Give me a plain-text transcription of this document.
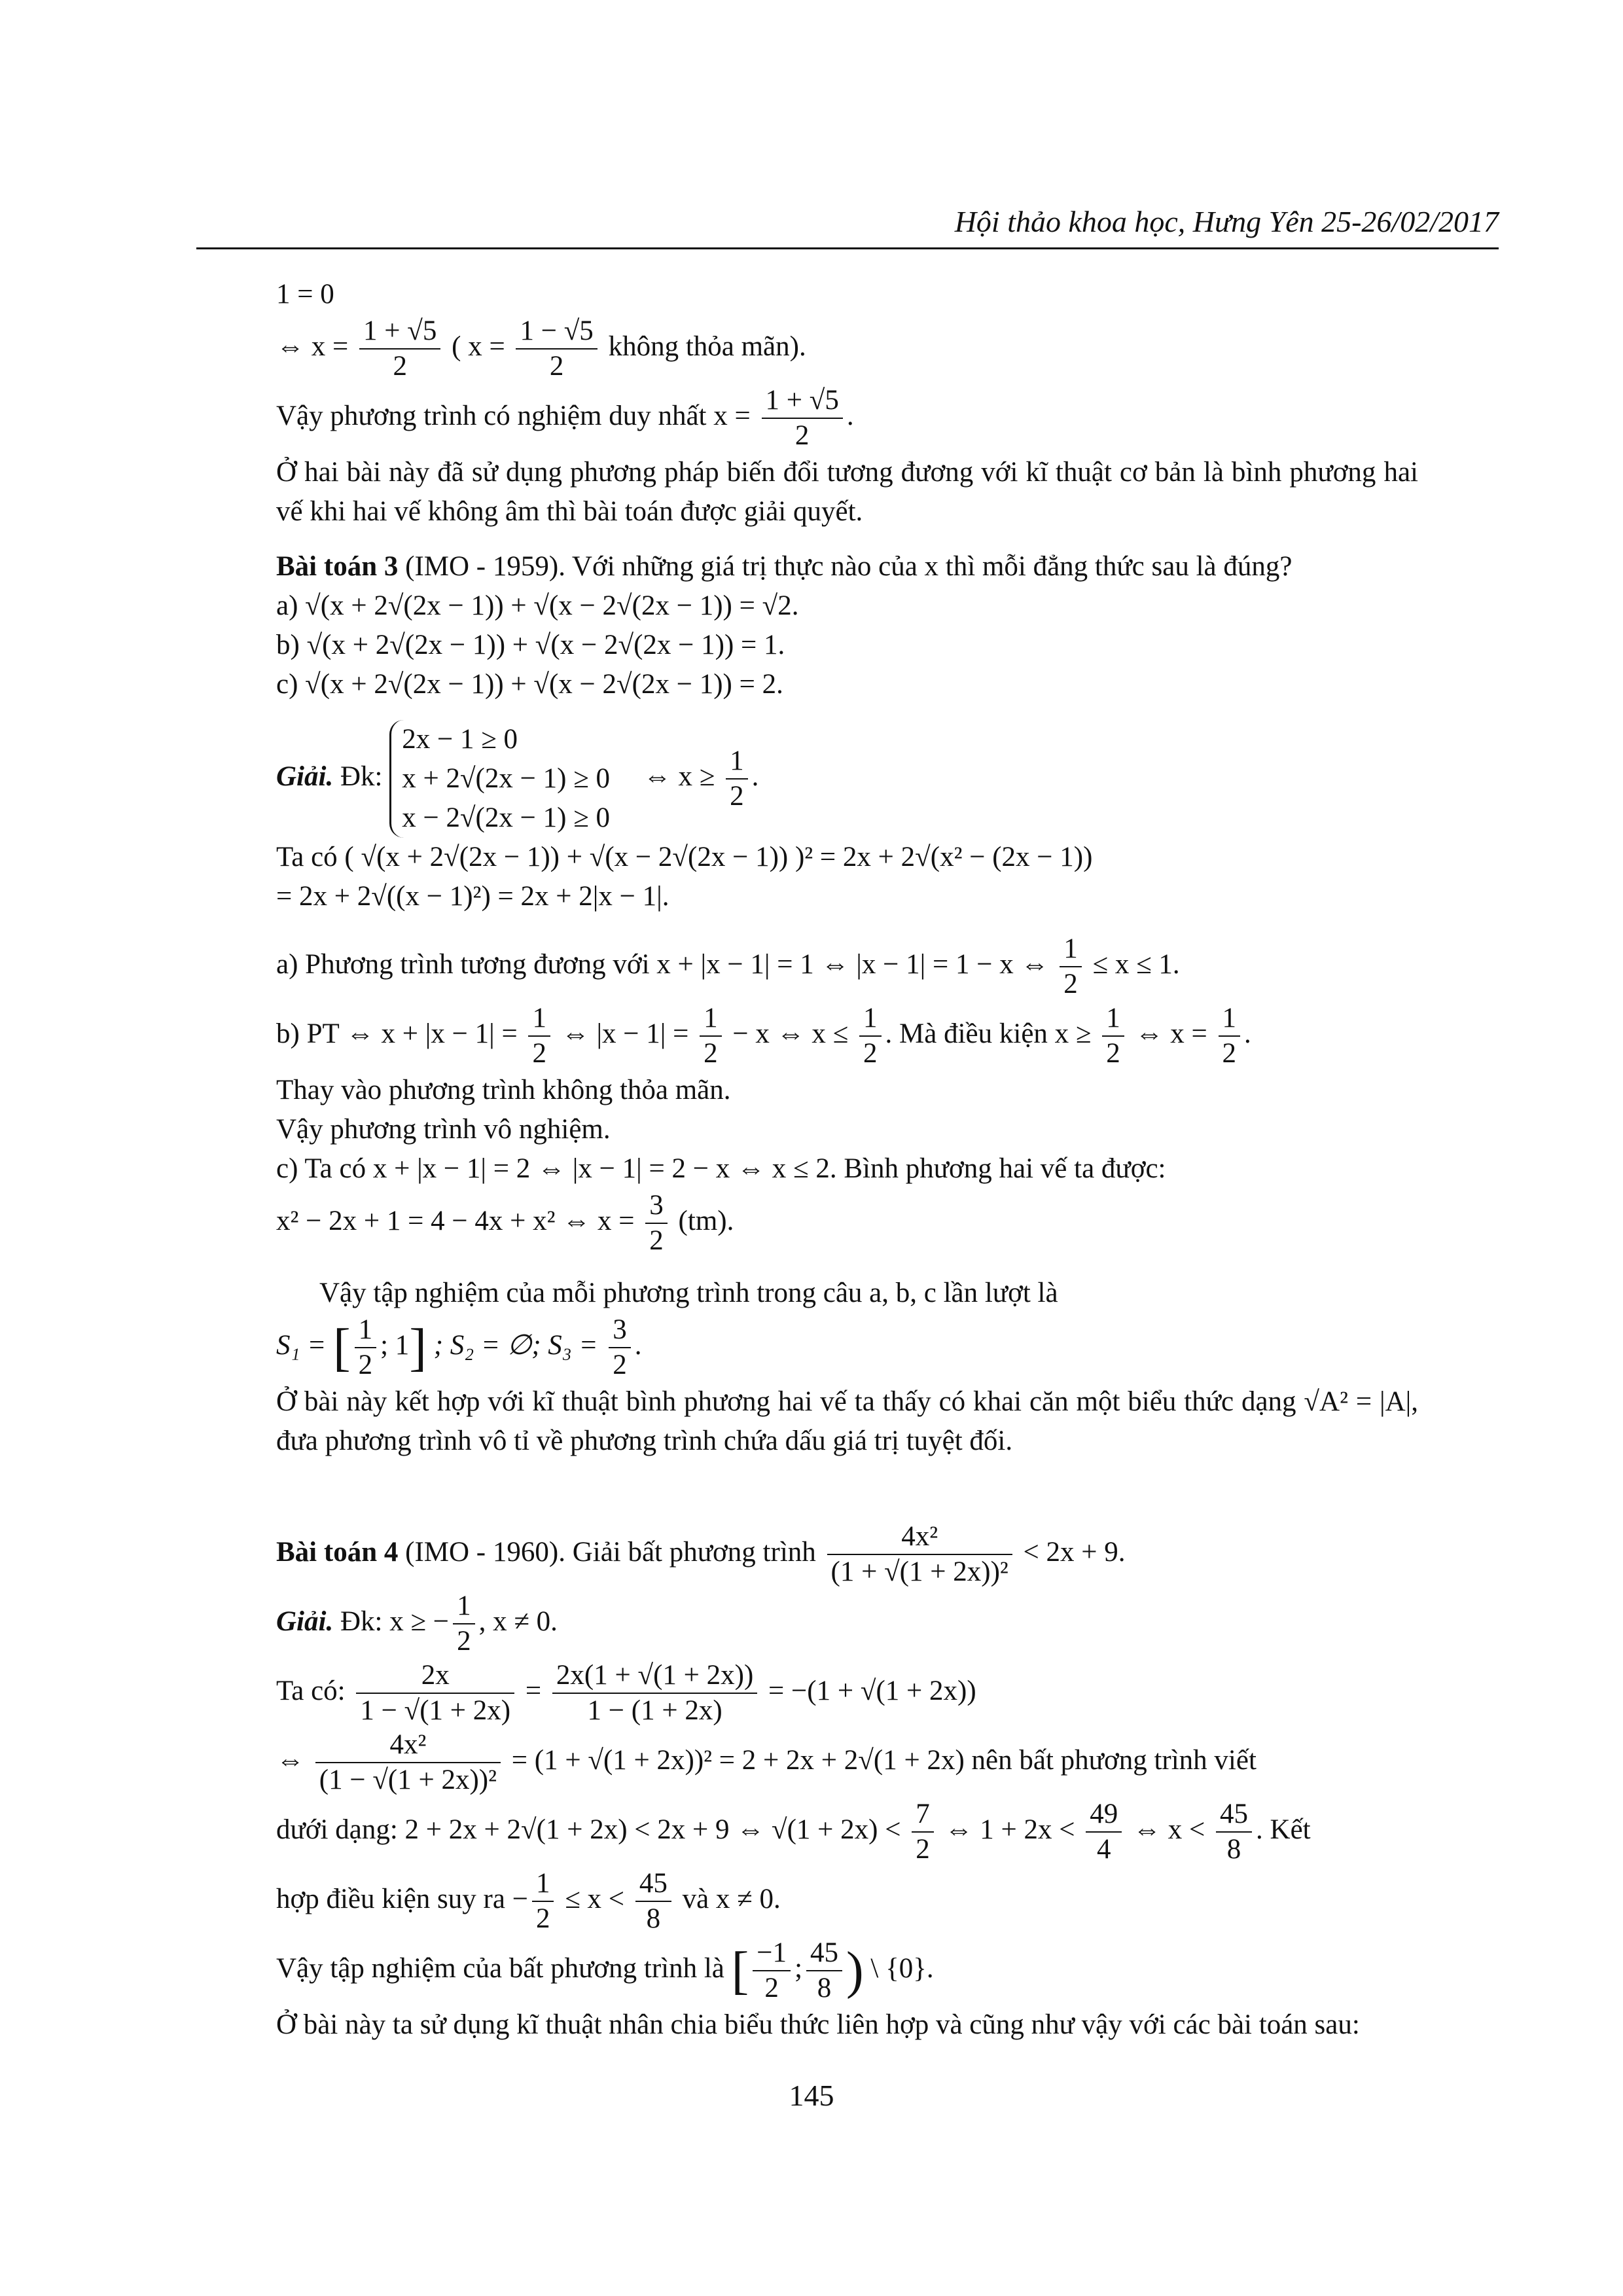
Hội thảo khoa học, Hưng Yên 25-26/02/2017
1 = 0
⇔ $x = \frac{1 + √5}{2}$ ( $x = \frac{1 - √5}{2}$ không thỏa mãn).
Vậy phương trình có nghiệm duy nhất $x = \frac{1 + √5}{2}$ .
Ở hai bài này đã sử dụng phương pháp biến đổi tương đương với kĩ thuật cơ bản là bình phương hai vế khi hai vế không âm thì bài toán được giải quyết.
Bài toán 3 (IMO - 1959). Với những giá trị thực nào của x thì mỗi đẳng thức sau là đúng?
a) √(x + 2√(2x − 1)) + √(x − 2√(2x − 1)) = √2.
b) √(x + 2√(2x − 1)) + √(x − 2√(2x − 1)) = 1.
c) √(x + 2√(2x − 1)) + √(x − 2√(2x − 1)) = 2.
Giải. Đk:
2x − 1 ≥ 0
x + 2√(2x − 1) ≥ 0
x − 2√(2x − 1) ≥ 0
⇔ $x \ge \frac{1}{2}$ .
Ta có ( √(x + 2√(2x − 1)) + √(x − 2√(2x − 1)) )² = 2x + 2√(x² − (2x − 1))
= 2x + 2√((x − 1)²) = 2x + 2|x − 1|.
a) Phương trình tương đương với x + |x − 1| = 1 ⇔ |x − 1| = 1 − x ⇔ $\frac{1}{2} \le x \le 1$.
b) PT ⇔ $x + |x - 1| = \frac{1}{2}$ ⇔ $|x - 1| = \frac{1}{2} - x$ ⇔ $x \le \frac{1}{2}$ . Mà điều kiện $x \ge \frac{1}{2}$ ⇔ $x = \frac{1}{2}$ .
Thay vào phương trình không thỏa mãn.
Vậy phương trình vô nghiệm.
c) Ta có x + |x − 1| = 2 ⇔ |x − 1| = 2 − x ⇔ x ≤ 2. Bình phương hai vế ta được:
x² − 2x + 1 = 4 − 4x + x² ⇔ $x = \frac{3}{2} (tm)$.
Vậy tập nghiệm của mỗi phương trình trong câu a, b, c lần lượt là
S₁ = [ $\frac{1}{2}$ ; 1] ; S₂ = ∅; $S_3 = \frac{3}{2}$ .
Ở bài này kết hợp với kĩ thuật bình phương hai vế ta thấy có khai căn một biểu thức dạng √A² = |A|, đưa phương trình vô tỉ về phương trình chứa dấu giá trị tuyệt đối.
Bài toán 4 (IMO - 1960). Giải bất phương trình $\frac{\text{4x²}}{\text{(1 + √(1 + 2x))²}} < 2x + 9$.
Giải. Đk: x ≥ − $\frac{1}{2}$ , x ≠ 0.
Ta có: $\frac{2x}{1 - √(1 + 2x)} = \frac{2x(1 + √(1 + 2x))}{1 - (1 + 2x)} = -(1 + √(1 + 2x))$
⇔ $\frac{\text{4x²}}{\text{(1 − √(1 + 2x))²}} = (1 + √(1 + 2x))^2 = 2 + 2x + 2√(1 + 2x)$ nên bất phương trình viết
dưới dạng: 2 + 2x + 2√(1 + 2x) < 2x + 9 ⇔ $√(1 + 2x) < \frac{7}{2}$ ⇔ $1 + 2x < \frac{49}{4}$ ⇔ $x < \frac{45}{8}$ . Kết
hợp điều kiện suy ra − $\frac{1}{2} \le x < \frac{45}{8}$ và x ≠ 0.
Vậy tập nghiệm của bất phương trình là [ $\frac{-1}{2}$ ; $\frac{45}{8}$ ) \ {0}.
Ở bài này ta sử dụng kĩ thuật nhân chia biểu thức liên hợp và cũng như vậy với các bài toán sau:
145
